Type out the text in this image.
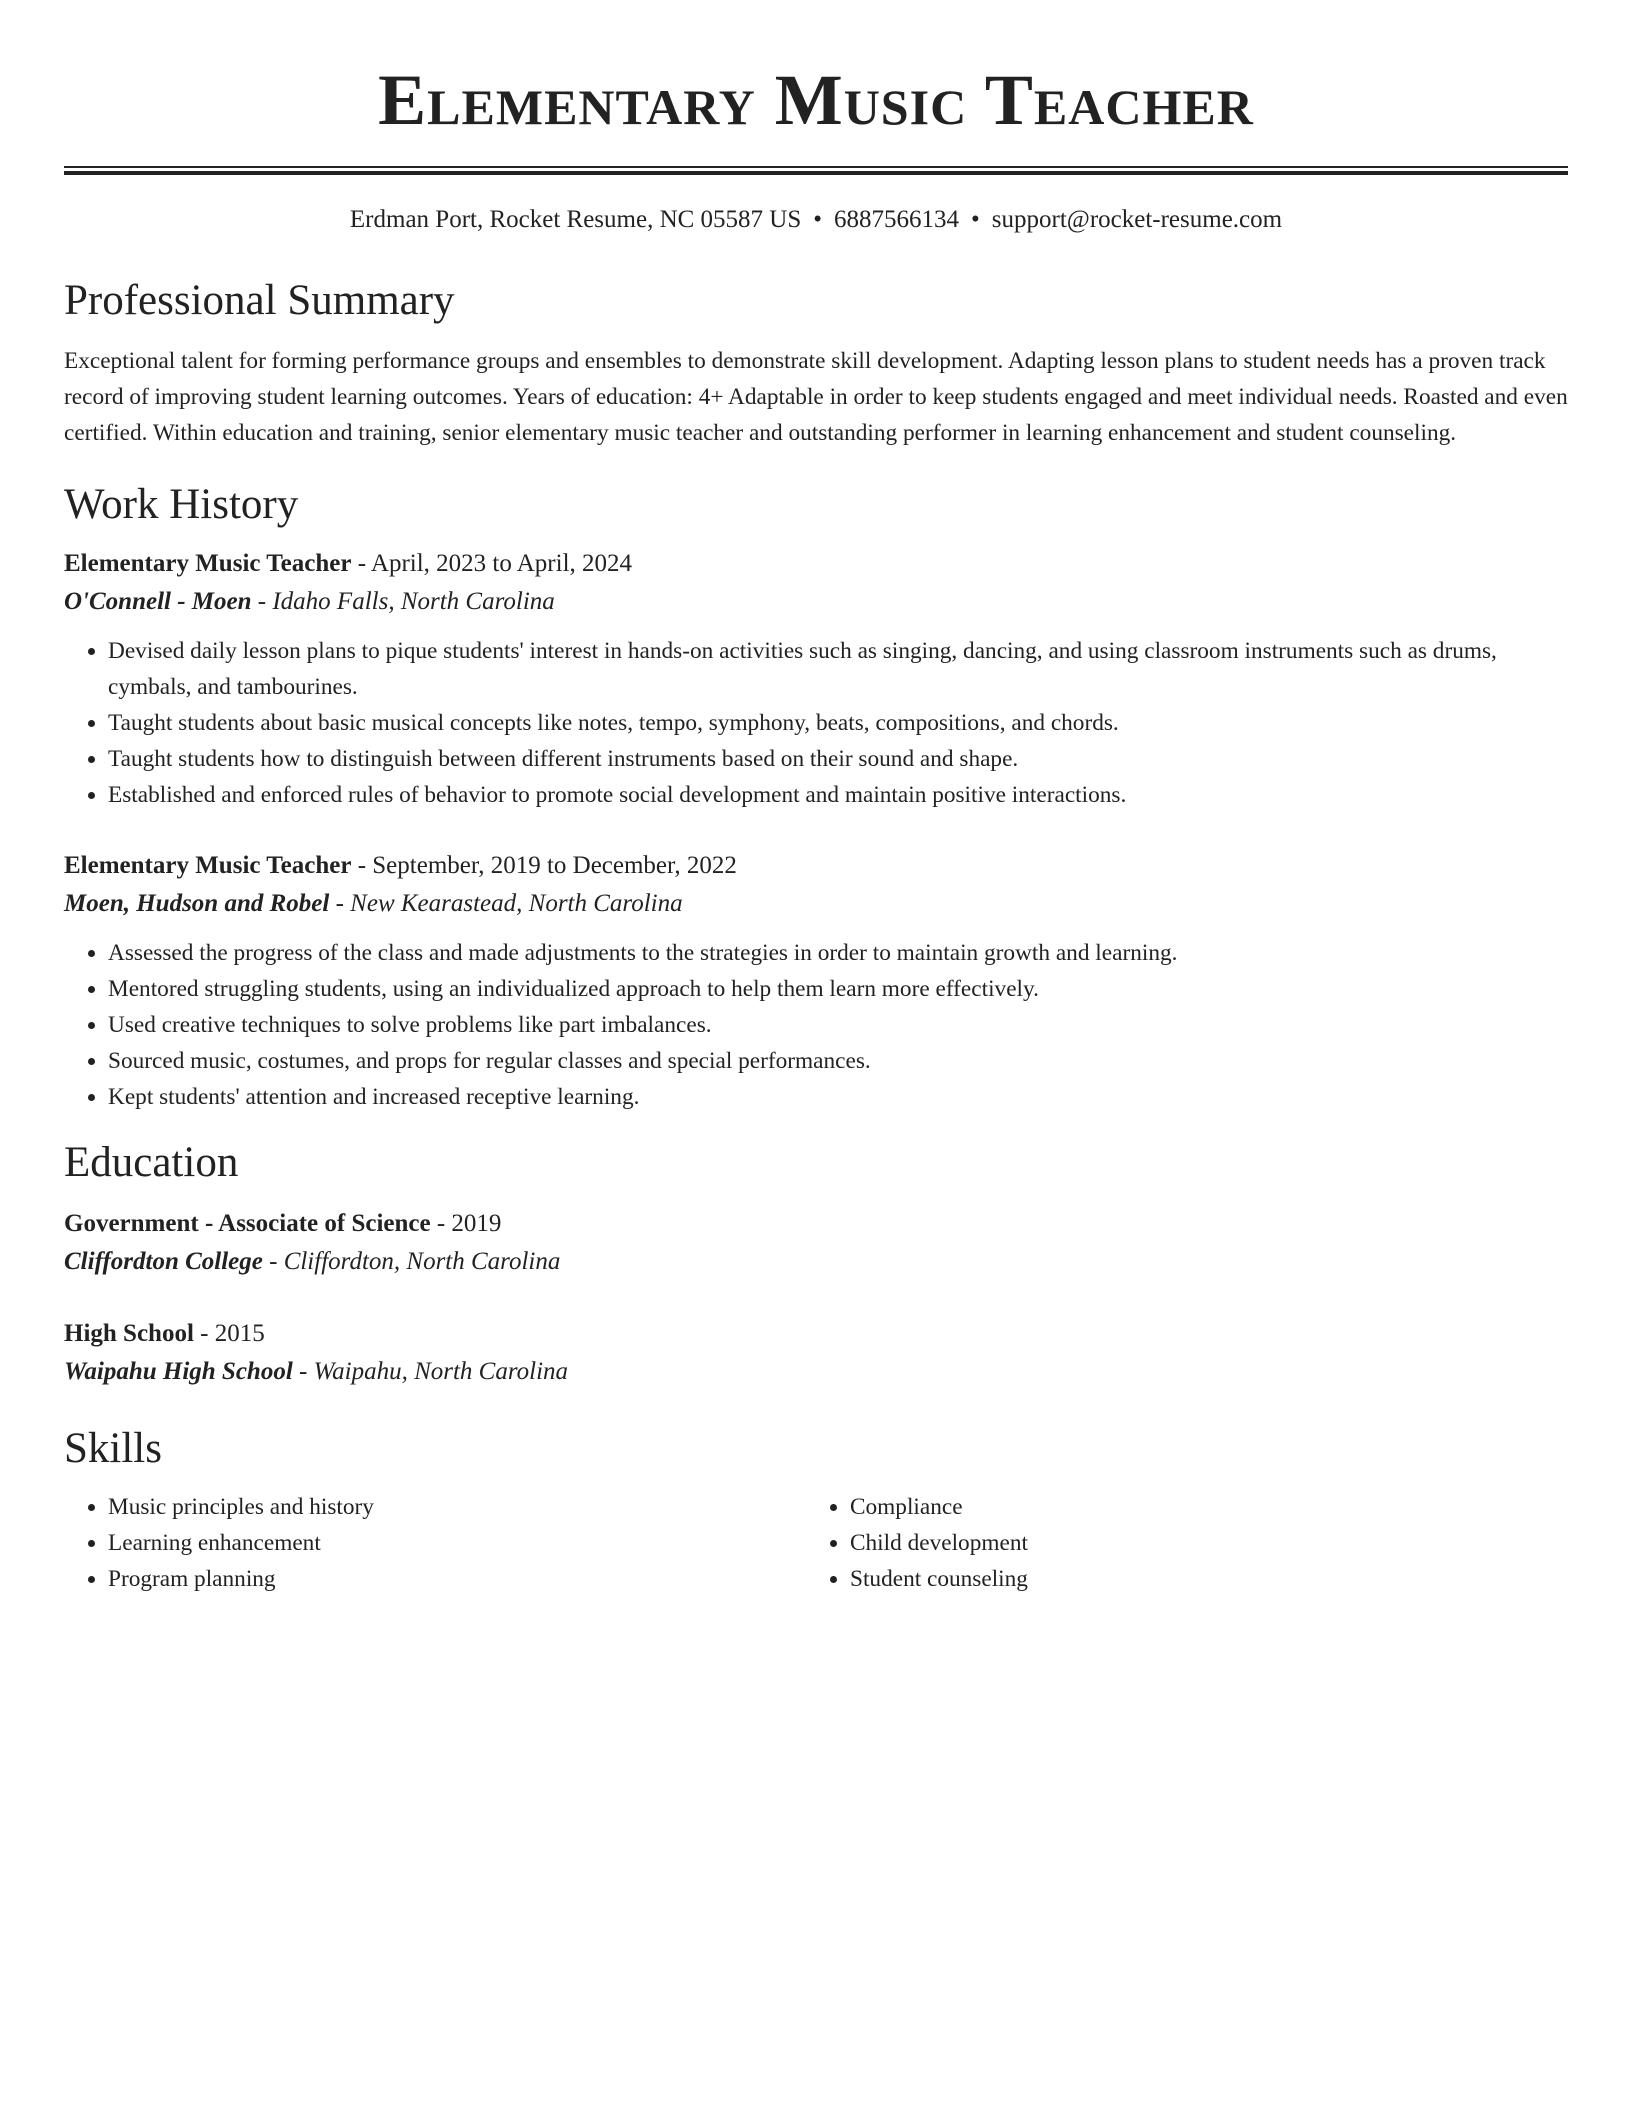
Elementary Music Teacher
Erdman Port, Rocket Resume, NC 05587 US • 6887566134 • support@rocket-resume.com
Professional Summary

Exceptional talent for forming performance groups and ensembles to demonstrate skill development. Adapting lesson plans to student needs has a proven track record of improving student learning outcomes. Years of education: 4+ Adaptable in order to keep students engaged and meet individual needs. Roasted and even certified. Within education and training, senior elementary music teacher and outstanding performer in learning enhancement and student counseling.

Work History
Elementary Music Teacher - April, 2023 to April, 2024
O'Connell - Moen - Idaho Falls, North Carolina
• Devised daily lesson plans to pique students' interest in hands-on activities such as singing, dancing, and using classroom instruments such as drums, cymbals, and tambourines.
• Taught students about basic musical concepts like notes, tempo, symphony, beats, compositions, and chords.
• Taught students how to distinguish between different instruments based on their sound and shape.
• Established and enforced rules of behavior to promote social development and maintain positive interactions.
Elementary Music Teacher - September, 2019 to December, 2022
Moen, Hudson and Robel - New Kearastead, North Carolina
• Assessed the progress of the class and made adjustments to the strategies in order to maintain growth and learning.
• Mentored struggling students, using an individualized approach to help them learn more effectively.
• Used creative techniques to solve problems like part imbalances.
• Sourced music, costumes, and props for regular classes and special performances.
• Kept students' attention and increased receptive learning.
Education
Government - Associate of Science - 2019
Cliffordton College - Cliffordton, North Carolina
High School - 2015
Waipahu High School - Waipahu, North Carolina
Skills
• Music principles and history
• Learning enhancement
• Program planning
• Compliance
• Child development
• Student counseling
